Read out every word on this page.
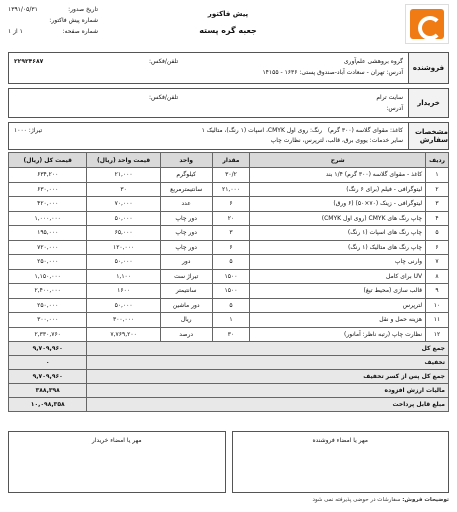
پیش فاکتور
جعبه گره پسته
تاریخ صدور:
۱۳۹۱/۰۵/۳۱
شماره پیش فاکتور:
شماره صفحه:
۱ از ۱
فروشنده
گروه بروهشی علم‌آوری
آدرس: تهران - سعادت آباد-صندوق پستی: ۱۶۳۶ - ۱۴۱۵۵
تلفن/فکس:
۲۲۹۲۴۶۸۷
خریدار
سایت ترام
آدرس:
تلفن/فکس:
مشخصات سفارش
کاغذ: مقوای گلاسه (۳۰۰ گرم)   رنگ: روی اول CMYK، اسپات (۱ رنگ)، متالیک ۱
سایر خدمات: یووی برق، قالب، لترپرس، نظارت چاپ
تیراژ: ۱۰۰۰
ردیف	شرح	مقدار	واحد	قیمت واحد (ریال)	قیمت کل (ریال)
۱	کاغذ - مقوای گلاسه (۳۰۰ گرم) ۱/۴ بند	۳۰/۲	کیلوگرم	۲۱,۰۰۰	۶۳۴,۲۰۰
۲	لیتوگرافی - فیلم (برای ۶ رنگ)	۲۱,۰۰۰	سانتیمترمربع	۳۰	۶۳۰,۰۰۰
۳	لیتوگرافی - زینک (۷۰×۵۰) (۶ ورق)	۶	عدد	۷۰,۰۰۰	۴۲۰,۰۰۰
۴	چاپ رنگ های CMYK (روی اول CMYK)	۲۰	دور چاپ	۵۰,۰۰۰	۱,۰۰۰,۰۰۰
۵	چاپ رنگ های اسپات (۱ رنگ)	۳	دور چاپ	۶۵,۰۰۰	۱۹۵,۰۰۰
۶	چاپ رنگ های متالیک (۱ رنگ)	۶	دور چاپ	۱۲۰,۰۰۰	۷۲۰,۰۰۰
۷	وارنی چاپ	۵	دور	۵۰,۰۰۰	۲۵۰,۰۰۰
۸	UV برای کامل	۱۵۰۰	تیراژ ست	۱,۱۰۰	۱,۱۵۰,۰۰۰
۹	قالب سازی (محیط تیغ)	۱۵۰۰	سانتیمتر	۱۶۰۰	۲,۴۰۰,۰۰۰
۱۰	لترپرس	۵	دور ماشین	۵۰,۰۰۰	۲۵۰,۰۰۰
۱۱	هزینه حمل و نقل	۱	ریال	۳۰۰,۰۰۰	۳۰۰,۰۰۰
۱۲	نظارت چاپ (رتبه ناظر: آمانور)	۳۰	درصد	۷,۷۶۹,۲۰۰	۲,۳۳۰,۷۶۰
جمع کل					۹,۷۰۹,۹۶۰
تخفیف					۰
جمع کل پس از کسر تخفیف					۹,۷۰۹,۹۶۰
مالیات ارزش افزوده					۳۸۸,۳۹۸
مبلغ قابل پرداخت					۱۰,۰۹۸,۳۵۸
مهر یا امضاء فروشنده
مهر یا امضاء خریدار
توضیحات فروش: سفارشات در حوضی پذیرفته نمی شود
